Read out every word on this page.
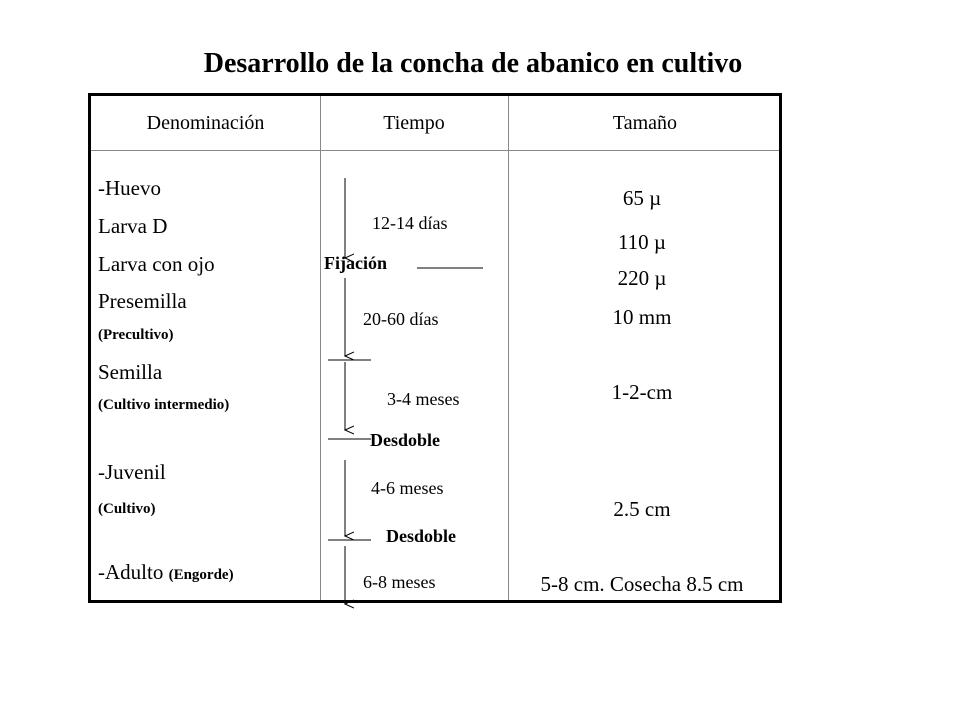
Desarrollo de la concha de abanico en cultivo
Denominación	Tiempo	Tamaño
-Huevo
Larva D
Larva con ojo
Presemilla
(Precultivo)
Semilla
(Cultivo intermedio)
-Juvenil
(Cultivo)
-Adulto (Engorde)
12-14 días
Fijación
20-60 días
3-4 meses
Desdoble
4-6 meses
Desdoble
6-8 meses
65 µ
110 µ
220 µ
10 mm
1-2-cm
2.5 cm
5-8 cm. Cosecha 8.5 cm
